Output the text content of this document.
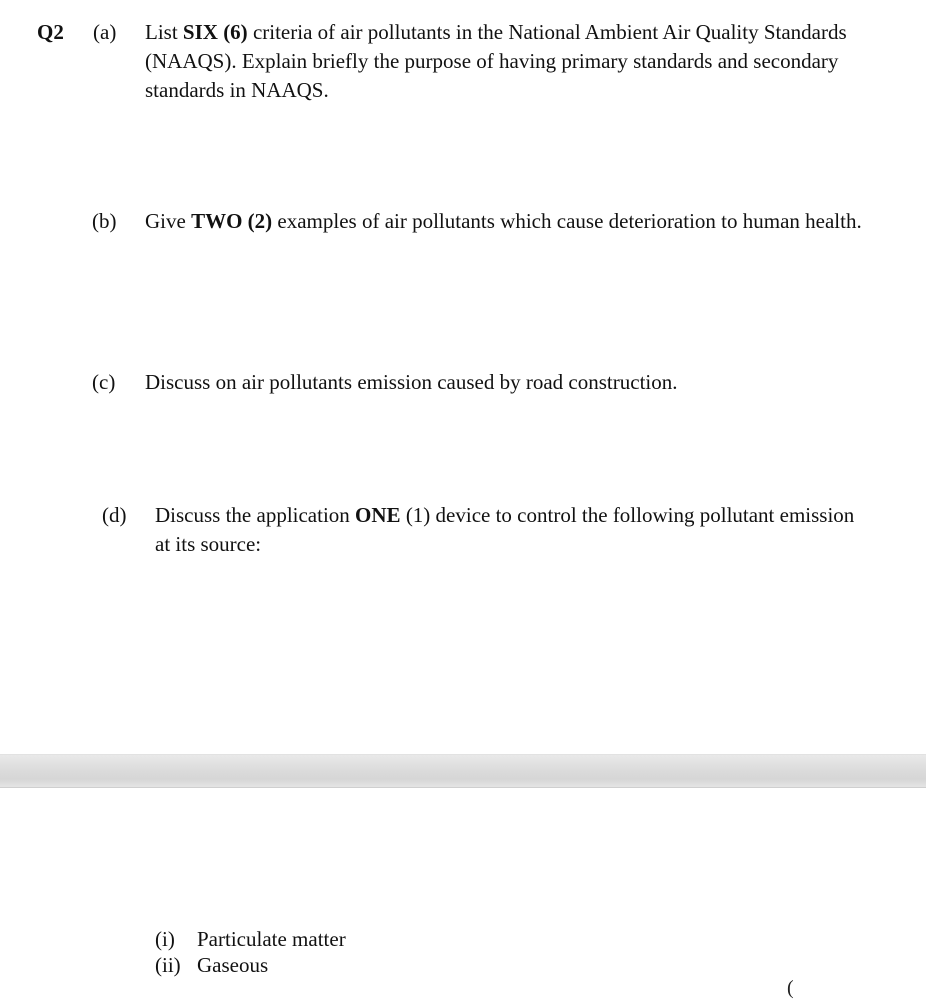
Q2 (a) List SIX (6) criteria of air pollutants in the National Ambient Air Quality Standards (NAAQS). Explain briefly the purpose of having primary standards and secondary standards in NAAQS.
(b) Give TWO (2) examples of air pollutants which cause deterioration to human health.
(c) Discuss on air pollutants emission caused by road construction.
(d) Discuss the application ONE (1) device to control the following pollutant emission at its source:
(i) Particulate matter
(ii) Gaseous
(
